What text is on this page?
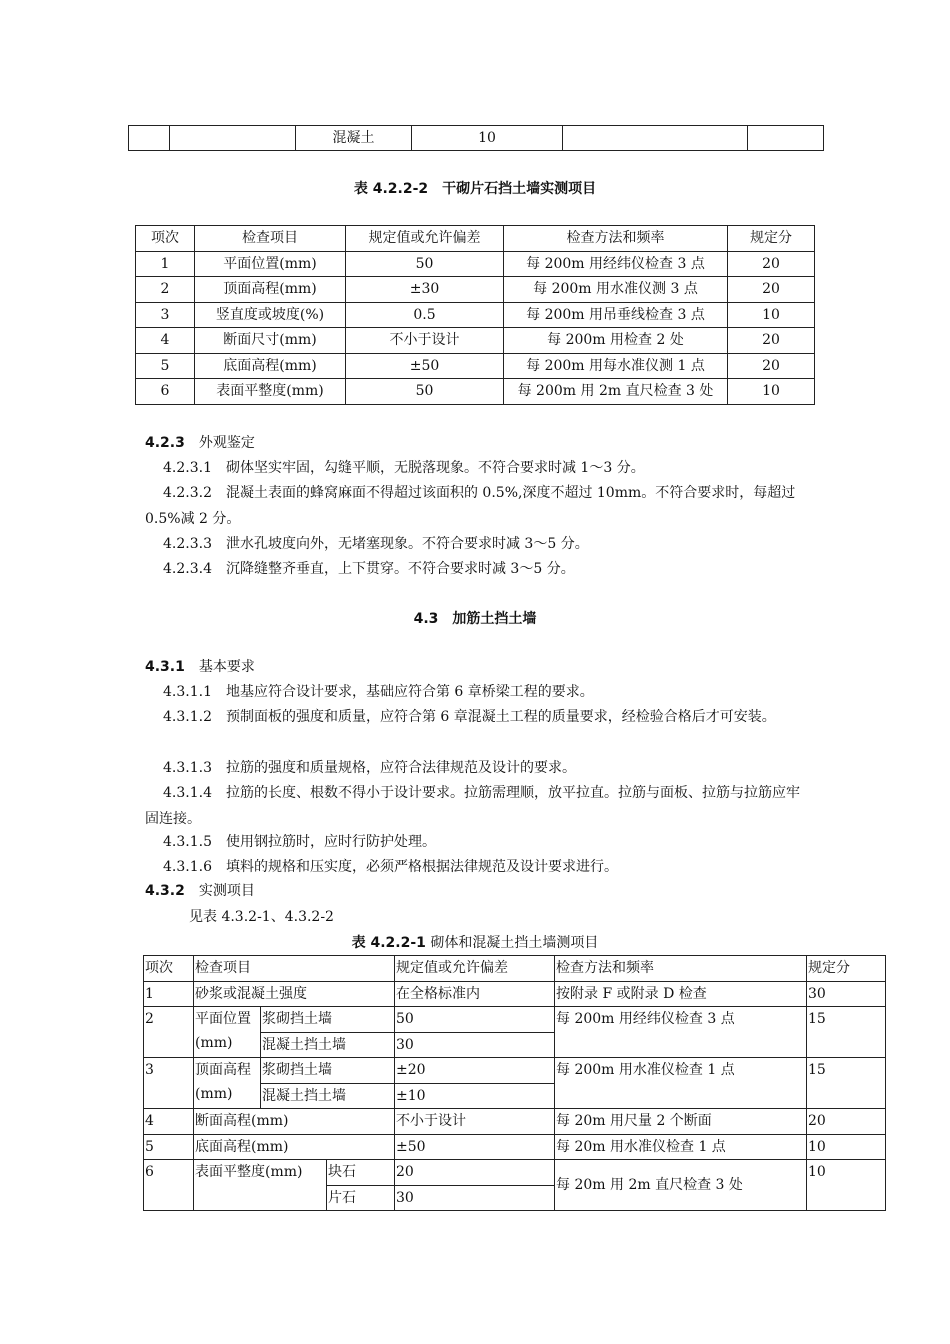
		混凝土	10		
表 4.2.2-2　干砌片石挡土墙实测项目
项次	检查项目	规定值或允许偏差	检查方法和频率	规定分
1	平面位置(mm)	50	每 200m 用经纬仪检查 3 点	20
2	顶面高程(mm)	±30	每 200m 用水准仪测 3 点	20
3	竖直度或坡度(%)	0.5	每 200m 用吊垂线检查 3 点	10
4	断面尺寸(mm)	不小于设计	每 200m 用检查 2 处	20
5	底面高程(mm)	±50	每 200m 用每水准仪测 1 点	20
6	表面平整度(mm)	50	每 200m 用 2m 直尺检查 3 处	10
4.2.3 外观鉴定
4.2.3.1　砌体坚实牢固，勾缝平顺，无脱落现象。不符合要求时减 1～3 分。
4.2.3.2　混凝土表面的蜂窝麻面不得超过该面积的 0.5%,深度不超过 10mm。不符合要求时，每超过 0.5%减 2 分。
4.2.3.3　泄水孔坡度向外，无堵塞现象。不符合要求时减 3～5 分。
4.2.3.4　沉降缝整齐垂直，上下贯穿。不符合要求时减 3～5 分。
4.3　加筋土挡土墙
4.3.1 基本要求
4.3.1.1　地基应符合设计要求，基础应符合第 6 章桥梁工程的要求。
4.3.1.2　预制面板的强度和质量，应符合第 6 章混凝土工程的质量要求，经检验合格后才可安装。
4.3.1.3　拉筋的强度和质量规格，应符合法律规范及设计的要求。
4.3.1.4　拉筋的长度、根数不得小于设计要求。拉筋需理顺，放平拉直。拉筋与面板、拉筋与拉筋应牢固连接。
4.3.1.5　使用钢拉筋时，应时行防护处理。
4.3.1.6　填料的规格和压实度，必须严格根据法律规范及设计要求进行。
4.3.2 实测项目
见表 4.3.2-1、4.3.2-2
表 4.2.2-1 砌体和混凝土挡土墙测项目
项次	检查项目			规定值或允许偏差	检查方法和频率	规定分
1	砂浆或混凝土强度			在全格标准内	按附录 F 或附录 D 检查	30
2	平面位置(mm)	浆砌挡土墙		50	每 200m 用经纬仪检查 3 点	15
		混凝土挡土墙		30		
3	顶面高程(mm)	浆砌挡土墙		±20	每 200m 用水准仪检查 1 点	15
		混凝土挡土墙		±10		
4	断面高程(mm)			不小于设计	每 20m 用尺量 2 个断面	20
5	底面高程(mm)			±50	每 20m 用水准仪检查 1 点	10
6	表面平整度(mm)		块石	20	每 20m 用 2m 直尺检查 3 处	10
			片石	30		
